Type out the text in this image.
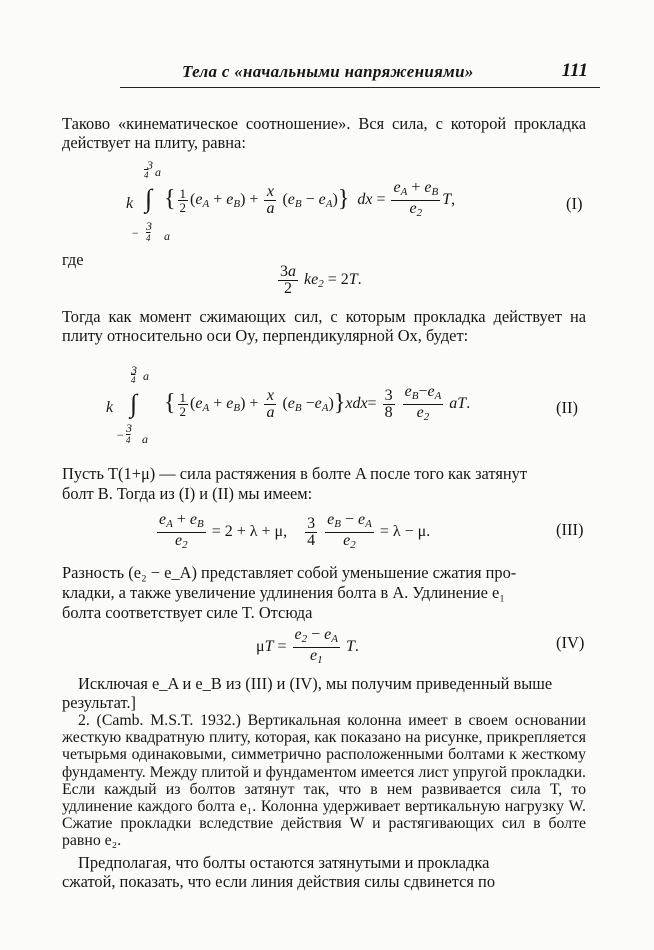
Тела с «начальными напряжениями»	111
Таково «кинематическое соотношение». Вся сила, с которой прокладка действует на плиту, равна:
3
4 a
∫
k
− 3
4 a
{ $\frac{1}{2} (e_A + e_B) + \frac{x}{a} (e_B - e_A)$} dx = $\frac{e_A + e_B}{e_2} T$,	(I)
где
$\frac{3a}{2} ke_2 = 2T$.
Тогда как момент сжимающих сил, с которым прокладка действует на плиту относительно оси Oy, перпендикулярной Ox, будет:
3
4 a
∫
k
− 3
4 a
{ $\frac{1}{2} (e_A + e_B) + \frac{x}{a} (e_B -e_A)\}xdx= \frac{3}{8}$
$\frac{e_B-e_A}{e_2}$ aT.	(II)
Пусть T(1+μ) — сила растяжения в болте A после того как затянут
болт B. Тогда из (I) и (II) мы имеем:
$\frac{e_A + e_B}{e_2} = 2 + \lambda + \mu$, $\frac{3}{4}$
$\frac{e_B - e_A}{e_2} = \lambda - \mu$.	(III)
Разность (e₂ − e_A) представляет собой уменьшение сжатия про-
кладки, а также увеличение удлинения болта в A. Удлинение e₁
болта соответствует силе T. Отсюда
$\mu T = \frac{e_2 - e_A}{e_1} T$.	(IV)
Исключая e_A и e_B из (III) и (IV), мы получим приведенный выше
результат.]
2. (Camb. M.S.T. 1932.) Вертикальная колонна имеет в своем основании жесткую квадратную плиту, которая, как показано на рисунке, прикрепляется четырьмя одинаковыми, симметрично расположенными болтами к жесткому фундаменту. Между плитой и фундаментом имеется лист упругой прокладки. Если каждый из болтов затянут так, что в нем развивается сила T, то удлинение каждого болта e₁. Колонна удерживает вертикальную нагрузку W. Сжатие прокладки вследствие действия W и растягивающих сил в болте равно e₂.
Предполагая, что болты остаются затянутыми и прокладка
сжатой, показать, что если линия действия силы сдвинется по
